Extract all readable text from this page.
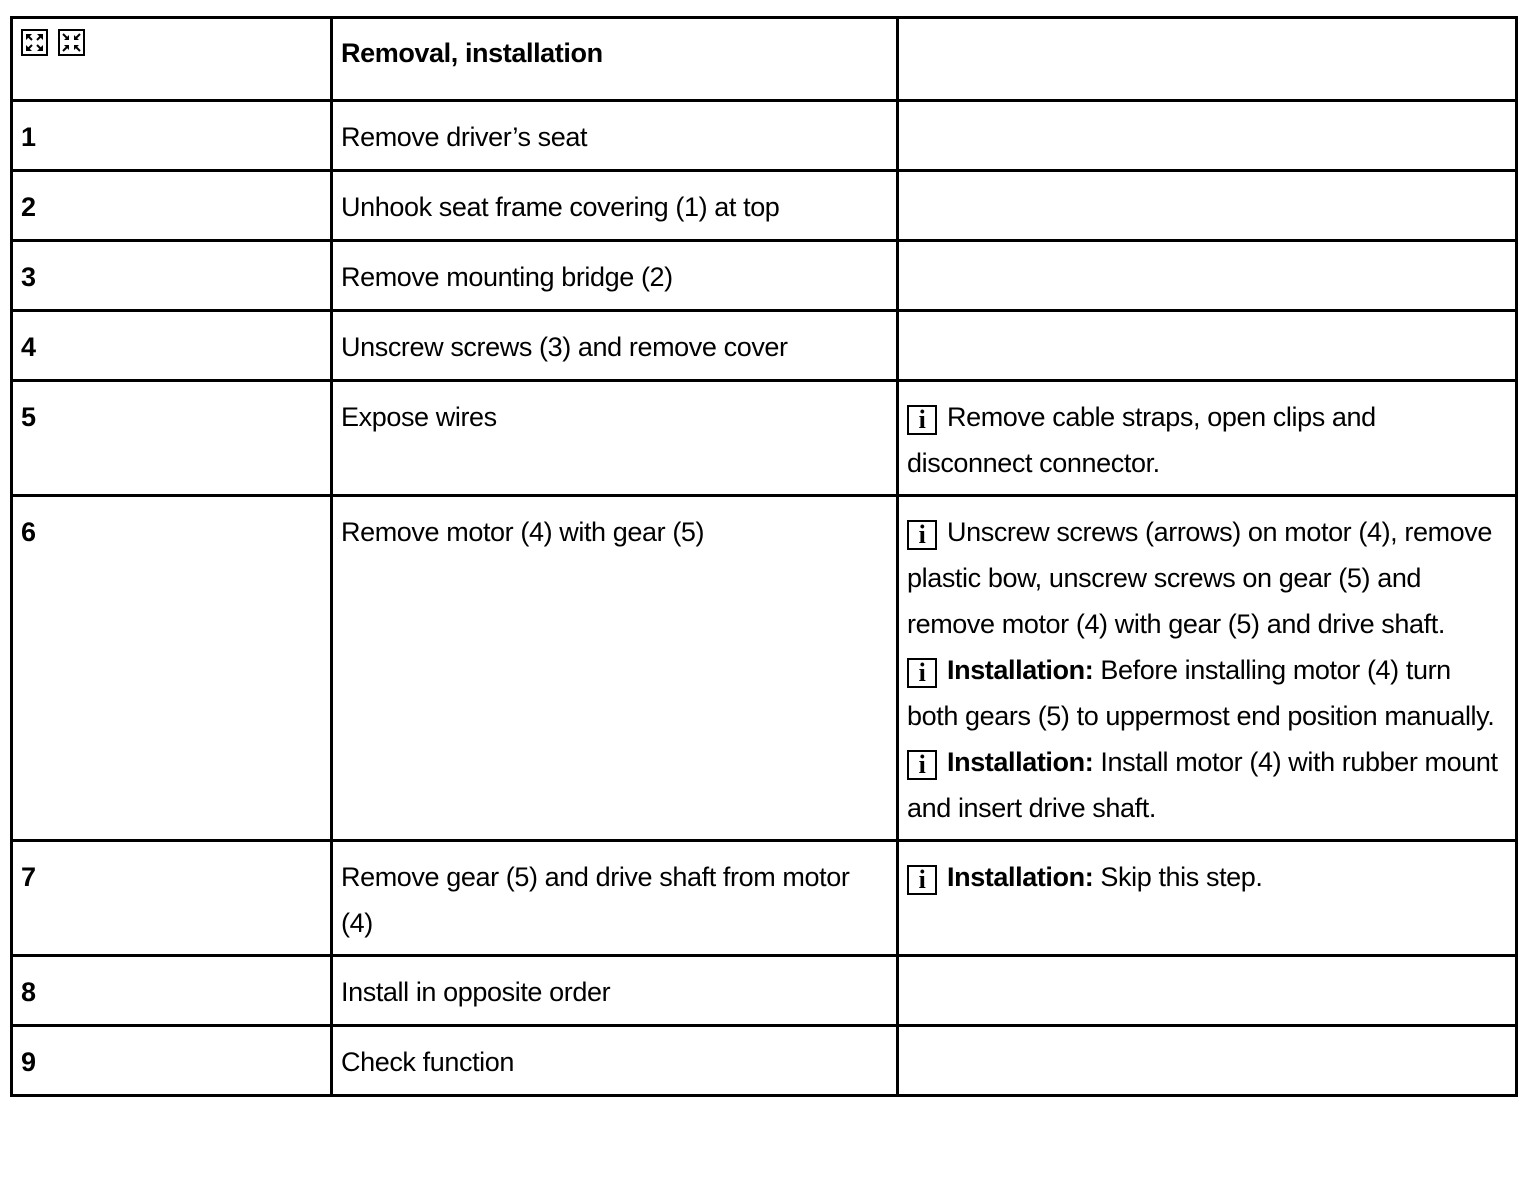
	Removal, installation	
1	Remove driver’s seat	
2	Unhook seat frame covering (1) at top	
3	Remove mounting bridge (2)	
4	Unscrew screws (3) and remove cover	
5	Expose wires	i Remove cable straps, open clips and disconnect connector.
6	Remove motor (4) with gear (5)	i Unscrew screws (arrows) on motor (4), remove plastic bow, unscrew screws on gear (5) and remove motor (4) with gear (5) and drive shaft.
i Installation: Before installing motor (4) turn both gears (5) to uppermost end position manually.
i Installation: Install motor (4) with rubber mount and insert drive shaft.

7	Remove gear (5) and drive shaft from motor (4)	i Installation: Skip this step.
8	Install in opposite order	
9	Check function	
